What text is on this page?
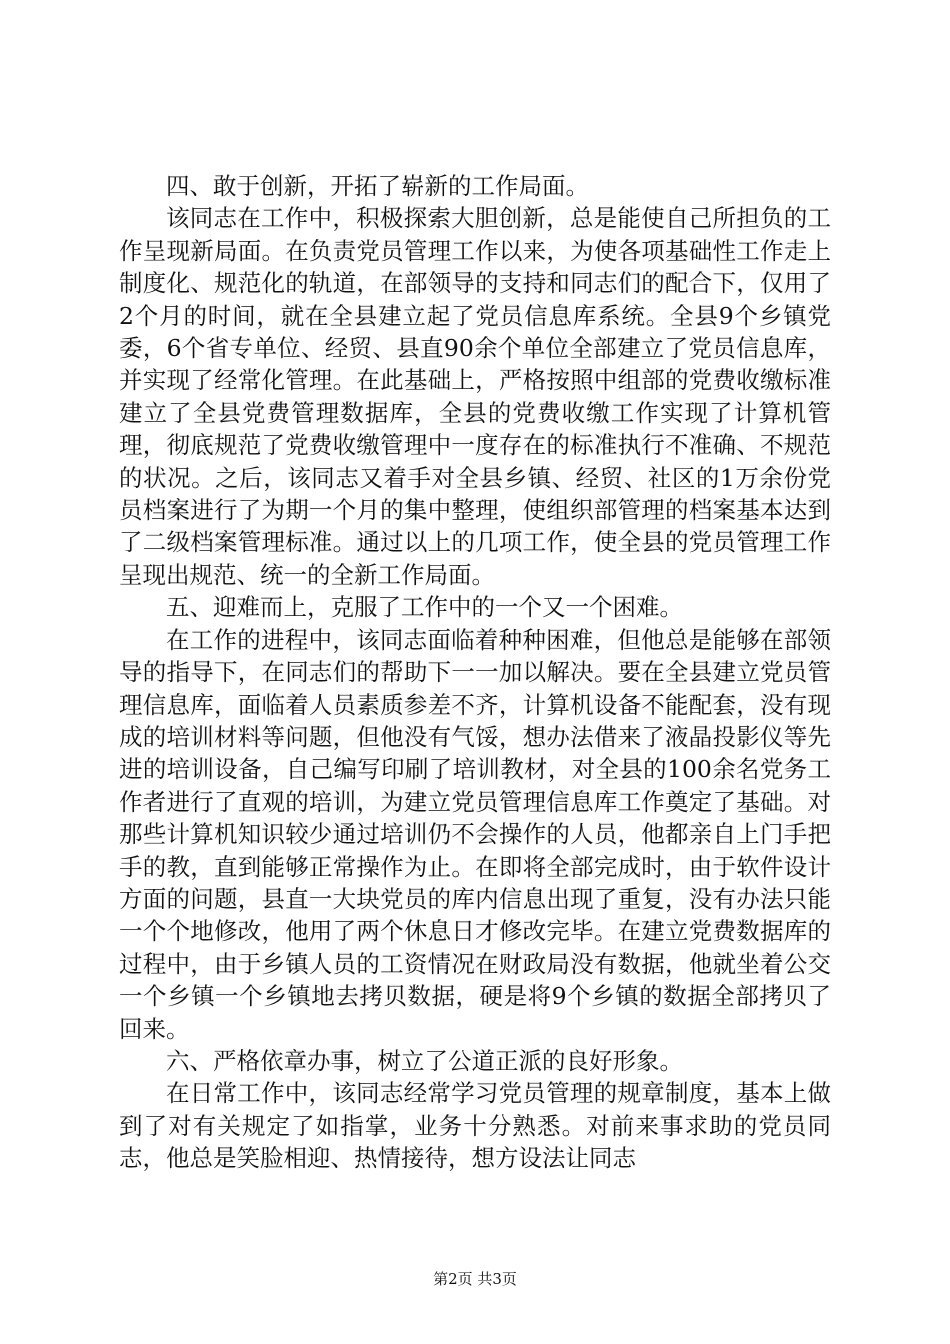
四、敢于创新，开拓了崭新的工作局面。

该同志在工作中，积极探索大胆创新，总是能使自己所担负的工作呈现新局面。在负责党员管理工作以来，为使各项基础性工作走上制度化、规范化的轨道，在部领导的支持和同志们的配合下，仅用了2个月的时间，就在全县建立起了党员信息库系统。全县9个乡镇党委，6个省专单位、经贸、县直90余个单位全部建立了党员信息库，并实现了经常化管理。在此基础上，严格按照中组部的党费收缴标准建立了全县党费管理数据库，全县的党费收缴工作实现了计算机管理，彻底规范了党费收缴管理中一度存在的标准执行不准确、不规范的状况。之后，该同志又着手对全县乡镇、经贸、社区的1万余份党员档案进行了为期一个月的集中整理，使组织部管理的档案基本达到了二级档案管理标准。通过以上的几项工作，使全县的党员管理工作呈现出规范、统一的全新工作局面。

五、迎难而上，克服了工作中的一个又一个困难。

在工作的进程中，该同志面临着种种困难，但他总是能够在部领导的指导下，在同志们的帮助下一一加以解决。要在全县建立党员管理信息库，面临着人员素质参差不齐，计算机设备不能配套，没有现成的培训材料等问题，但他没有气馁，想办法借来了液晶投影仪等先进的培训设备，自己编写印刷了培训教材，对全县的100余名党务工作者进行了直观的培训，为建立党员管理信息库工作奠定了基础。对那些计算机知识较少通过培训仍不会操作的人员，他都亲自上门手把手的教，直到能够正常操作为止。在即将全部完成时，由于软件设计方面的问题，县直一大块党员的库内信息出现了重复，没有办法只能一个个地修改，他用了两个休息日才修改完毕。在建立党费数据库的过程中，由于乡镇人员的工资情况在财政局没有数据，他就坐着公交一个乡镇一个乡镇地去拷贝数据，硬是将9个乡镇的数据全部拷贝了回来。

六、严格依章办事，树立了公道正派的良好形象。

在日常工作中，该同志经常学习党员管理的规章制度，基本上做到了对有关规定了如指掌，业务十分熟悉。对前来事求助的党员同志，他总是笑脸相迎、热情接待，想方设法让同志

第2页 共3页
